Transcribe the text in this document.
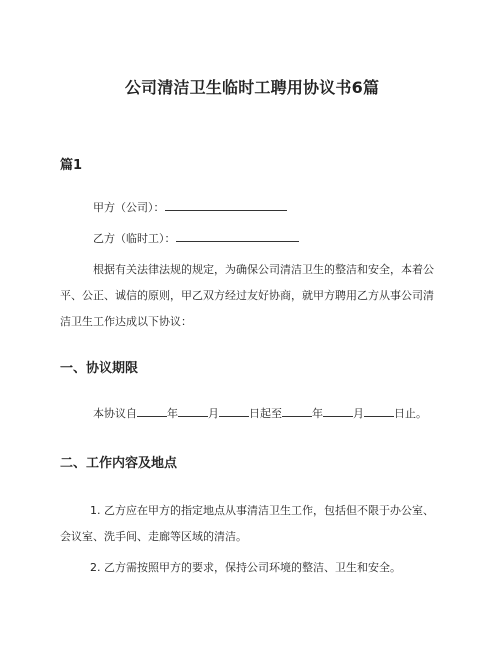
公司清洁卫生临时工聘用协议书6篇
篇1

甲方（公司）：

乙方（临时工）：

根据有关法律法规的规定，为确保公司清洁卫生的整洁和安全，本着公平、公正、诚信的原则，甲乙双方经过友好协商，就甲方聘用乙方从事公司清洁卫生工作达成以下协议：

一、协议期限

本协议自	年	月	日起至	年	月	日止。

二、工作内容及地点

1. 乙方应在甲方的指定地点从事清洁卫生工作，包括但不限于办公室、会议室、洗手间、走廊等区域的清洁。

2. 乙方需按照甲方的要求，保持公司环境的整洁、卫生和安全。
